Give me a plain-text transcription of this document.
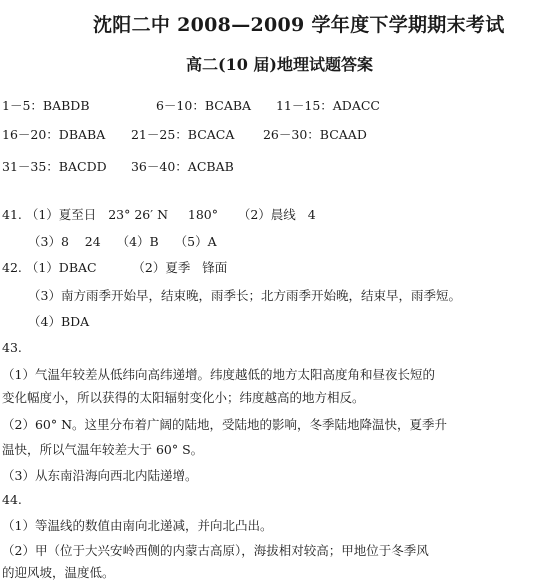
沈阳二中 2008—2009 学年度下学期期末考试
高二(10 届)地理试题答案
1－5：BABDB	6－10：BCABA 11－15：ADACC
16－20：DBABA 21－25：BCACA 26－30：BCAAD
31－35：BACDD 36－40：ACBAB
41. （1）夏至日   23° 26′ N     180°     （2）晨线   4
（3）8    24    （4）B    （5）A
42. （1）DBAC         （2）夏季   锋面
（3）南方雨季开始早，结束晚，雨季长；北方雨季开始晚，结束早，雨季短。
（4）BDA
43.
（1）气温年较差从低纬向高纬递增。纬度越低的地方太阳高度角和昼夜长短的
变化幅度小，所以获得的太阳辐射变化小；纬度越高的地方相反。
（2）60° N。这里分布着广阔的陆地，受陆地的影响，冬季陆地降温快，夏季升
温快，所以气温年较差大于 60° S。
（3）从东南沿海向西北内陆递增。
44.
（1）等温线的数值由南向北递减，并向北凸出。
（2）甲（位于大兴安岭西侧的内蒙古高原），海拔相对较高；甲地位于冬季风
的迎风坡，温度低。
